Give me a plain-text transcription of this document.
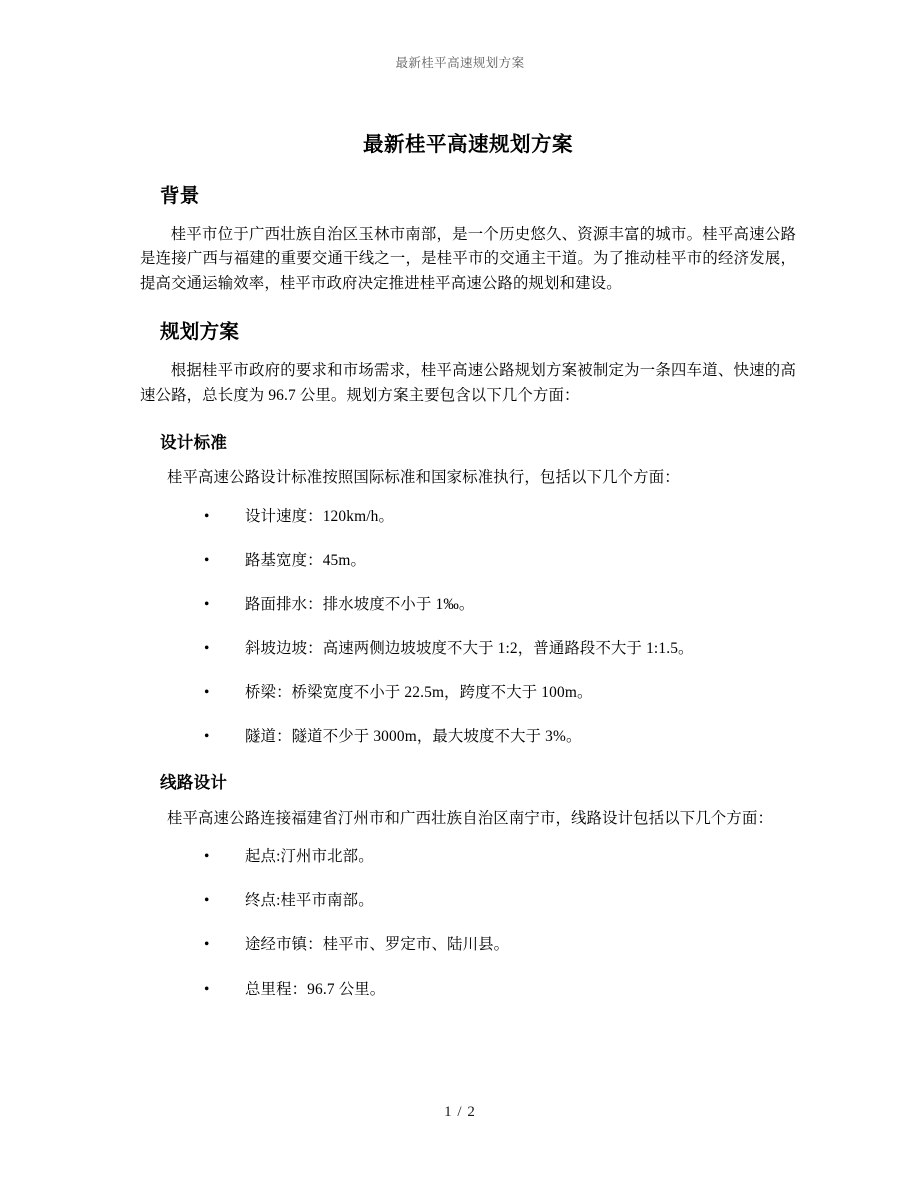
最新桂平高速规划方案
最新桂平高速规划方案
背景

桂平市位于广西壮族自治区玉林市南部，是一个历史悠久、资源丰富的城市。桂平高速公路是连接广西与福建的重要交通干线之一，是桂平市的交通主干道。为了推动桂平市的经济发展，提高交通运输效率，桂平市政府决定推进桂平高速公路的规划和建设。

规划方案

根据桂平市政府的要求和市场需求，桂平高速公路规划方案被制定为一条四车道、快速的高速公路，总长度为 96.7 公里。规划方案主要包含以下几个方面：

设计标准

桂平高速公路设计标准按照国际标准和国家标准执行，包括以下几个方面：

• 设计速度：120km/h。
• 路基宽度：45m。
• 路面排水：排水坡度不小于 1‰。
• 斜坡边坡：高速两侧边坡坡度不大于 1:2，普通路段不大于 1:1.5。
• 桥梁：桥梁宽度不小于 22.5m，跨度不大于 100m。
• 隧道：隧道不少于 3000m，最大坡度不大于 3%。
线路设计

桂平高速公路连接福建省汀州市和广西壮族自治区南宁市，线路设计包括以下几个方面：

• 起点:汀州市北部。
• 终点:桂平市南部。
• 途经市镇：桂平市、罗定市、陆川县。
• 总里程：96.7 公里。
1 / 2
